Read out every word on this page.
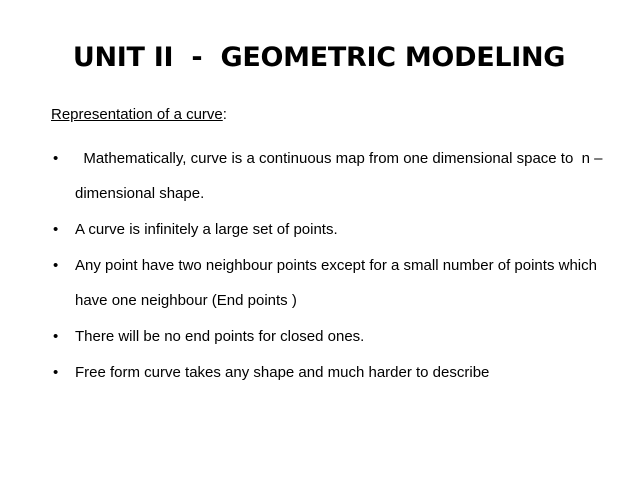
UNIT II  -  GEOMETRIC MODELING
Representation of a curve:
•	Mathematically, curve is a continuous map from one dimensional space to  n – dimensional shape.
•	A curve is infinitely a large set of points.
•	Any point have two neighbour points except for a small number of points which have one neighbour (End points )
•	There will be no end points for closed ones.
•	Free form curve takes any shape and much harder to describe
